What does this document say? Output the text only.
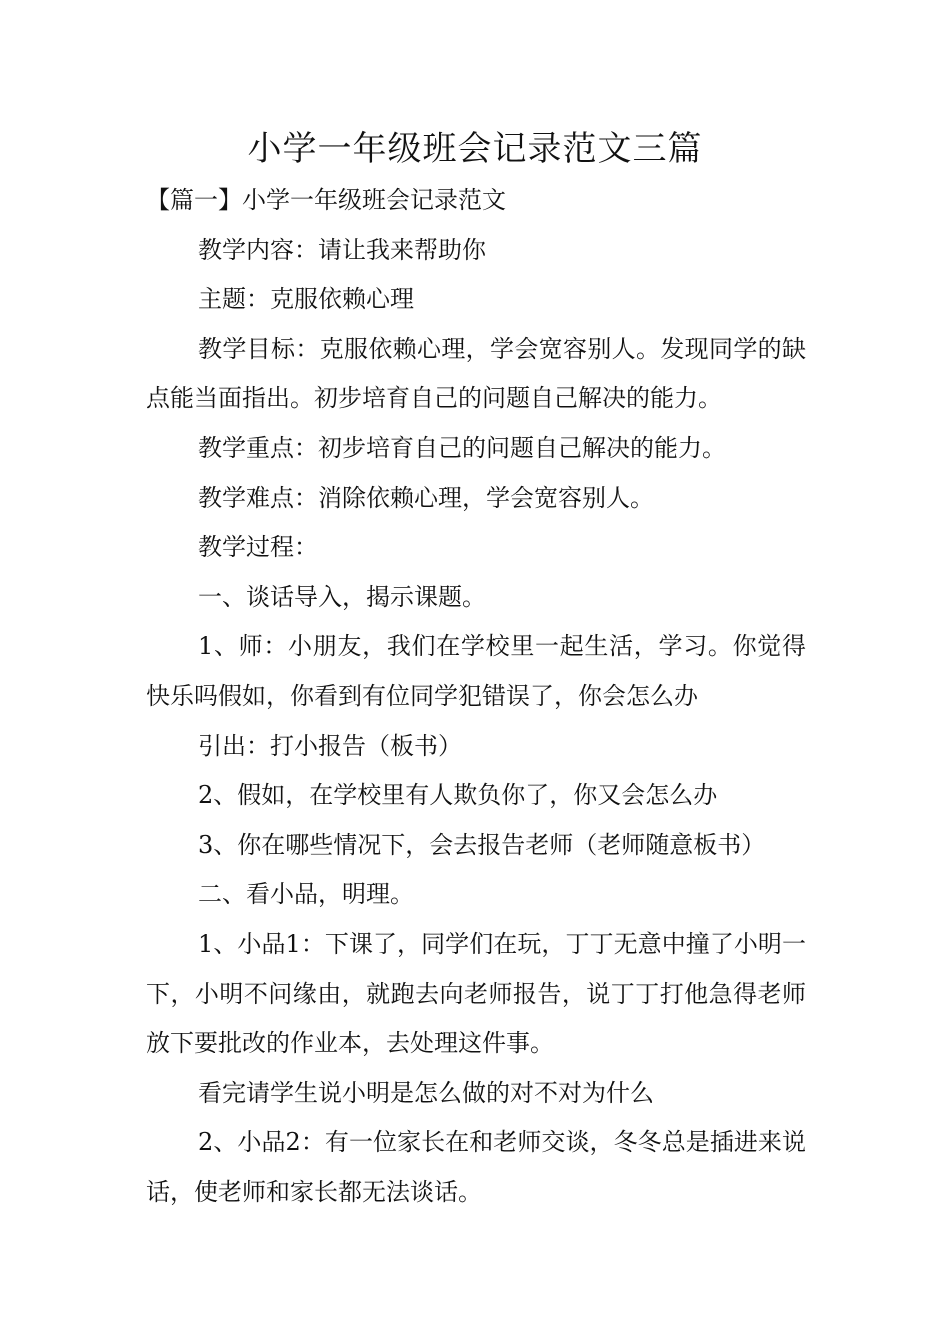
小学一年级班会记录范文三篇

【篇一】小学一年级班会记录范文

教学内容：请让我来帮助你

主题：克服依赖心理

教学目标：克服依赖心理，学会宽容别人。发现同学的缺点能当面指出。初步培育自己的问题自己解决的能力。

教学重点：初步培育自己的问题自己解决的能力。

教学难点：消除依赖心理，学会宽容别人。

教学过程：

一、谈话导入，揭示课题。

1、师：小朋友，我们在学校里一起生活，学习。你觉得快乐吗假如，你看到有位同学犯错误了，你会怎么办

引出：打小报告（板书）

2、假如，在学校里有人欺负你了，你又会怎么办

3、你在哪些情况下，会去报告老师（老师随意板书）

二、看小品，明理。

1、小品1：下课了，同学们在玩，丁丁无意中撞了小明一下，小明不问缘由，就跑去向老师报告，说丁丁打他急得老师放下要批改的作业本，去处理这件事。

看完请学生说小明是怎么做的对不对为什么

2、小品2：有一位家长在和老师交谈，冬冬总是插进来说话，使老师和家长都无法谈话。
